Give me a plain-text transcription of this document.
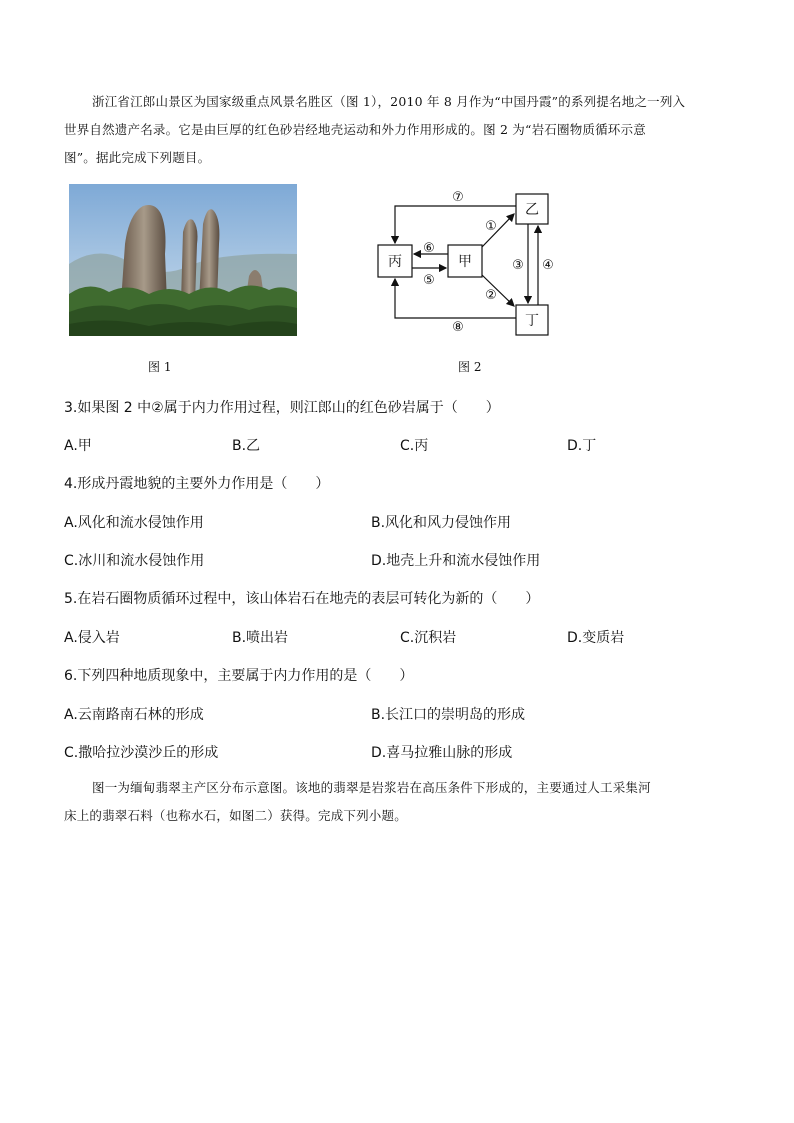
浙江省江郎山景区为国家级重点风景名胜区（图 1），2010 年 8 月作为“中国丹霞”的系列提名地之一列入
世界自然遗产名录。它是由巨厚的红色砂岩经地壳运动和外力作用形成的。图 2 为“岩石圈物质循环示意
图”。据此完成下列题目。
丙	甲
乙
丁
⑦
⑧
⑥
⑤
①
②
③ ④
图 1	图 2
3.如果图 2 中②属于内力作用过程，则江郎山的红色砂岩属于（　　）
A.甲	B.乙	C.丙	D.丁
4.形成丹霞地貌的主要外力作用是（　　）
A.风化和流水侵蚀作用	B.风化和风力侵蚀作用
C.冰川和流水侵蚀作用	D.地壳上升和流水侵蚀作用
5.在岩石圈物质循环过程中，该山体岩石在地壳的表层可转化为新的（　　）
A.侵入岩	B.喷出岩	C.沉积岩	D.变质岩
6.下列四种地质现象中，主要属于内力作用的是（　　）
A.云南路南石林的形成	B.长江口的崇明岛的形成
C.撒哈拉沙漠沙丘的形成	D.喜马拉雅山脉的形成
图一为缅甸翡翠主产区分布示意图。该地的翡翠是岩浆岩在高压条件下形成的，主要通过人工采集河
床上的翡翠石料（也称水石，如图二）获得。完成下列小题。
